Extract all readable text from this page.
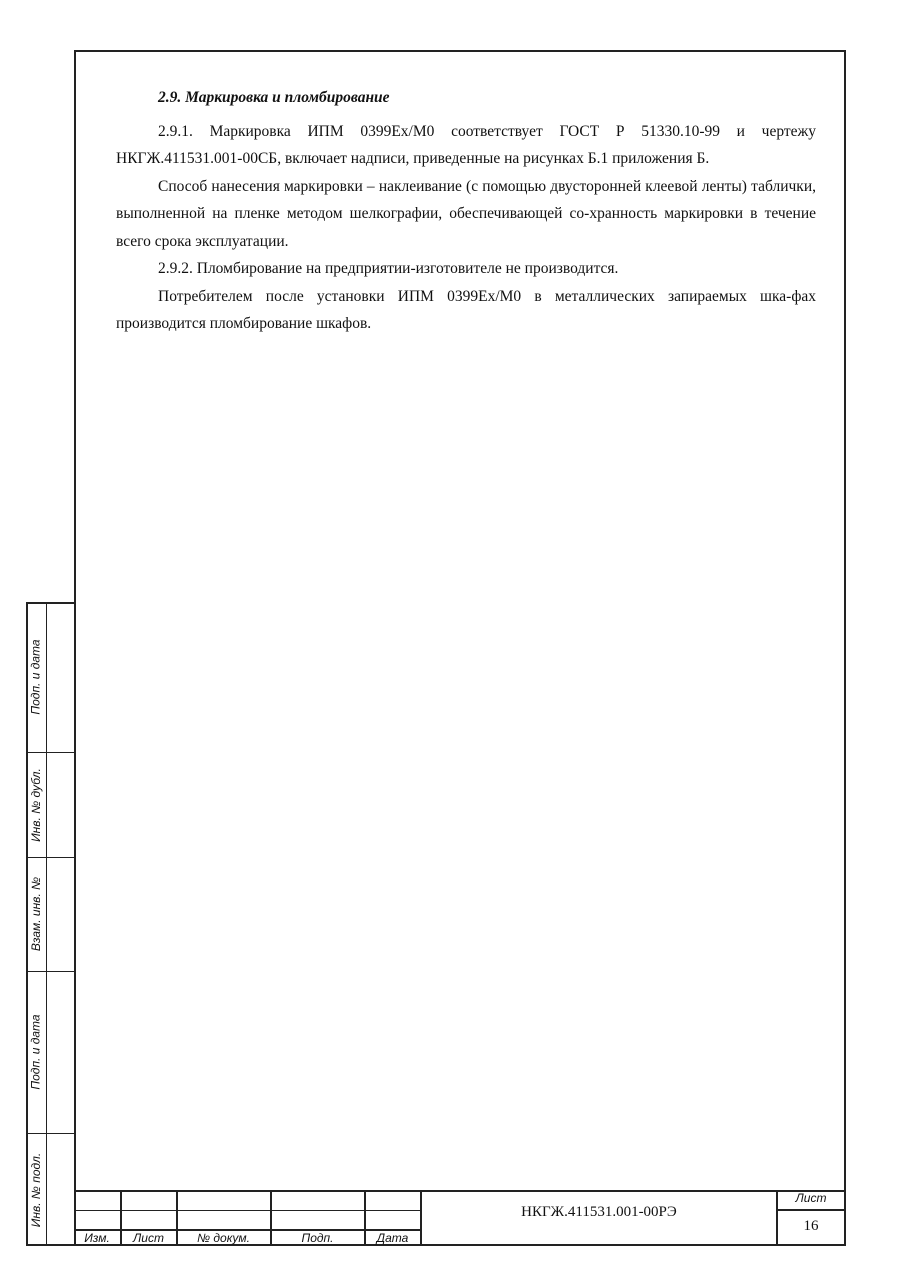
2.9. Маркировка и пломбирование

2.9.1. Маркировка ИПМ 0399Ex/M0 соответствует ГОСТ Р 51330.10-99 и чертежу НКГЖ.411531.001-00СБ, включает надписи, приведенные на рисунках Б.1 приложения Б.

Способ нанесения маркировки – наклеивание (с помощью двусторонней клеевой ленты) таблички, выполненной на пленке методом шелкографии, обеспечивающей со-хранность маркировки в течение всего срока эксплуатации.

2.9.2. Пломбирование на предприятии-изготовителе не производится.

Потребителем после установки ИПМ 0399Ex/M0 в металлических запираемых шка-фах производится пломбирование шкафов.

Подп. и дата
Инв. № дубл.
Взам. инв. №
Подп. и дата
Инв. № подл.
Изм.	Лист	№ докум.	Подп.	Дата
НКГЖ.411531.001-00РЭ
Лист
16
